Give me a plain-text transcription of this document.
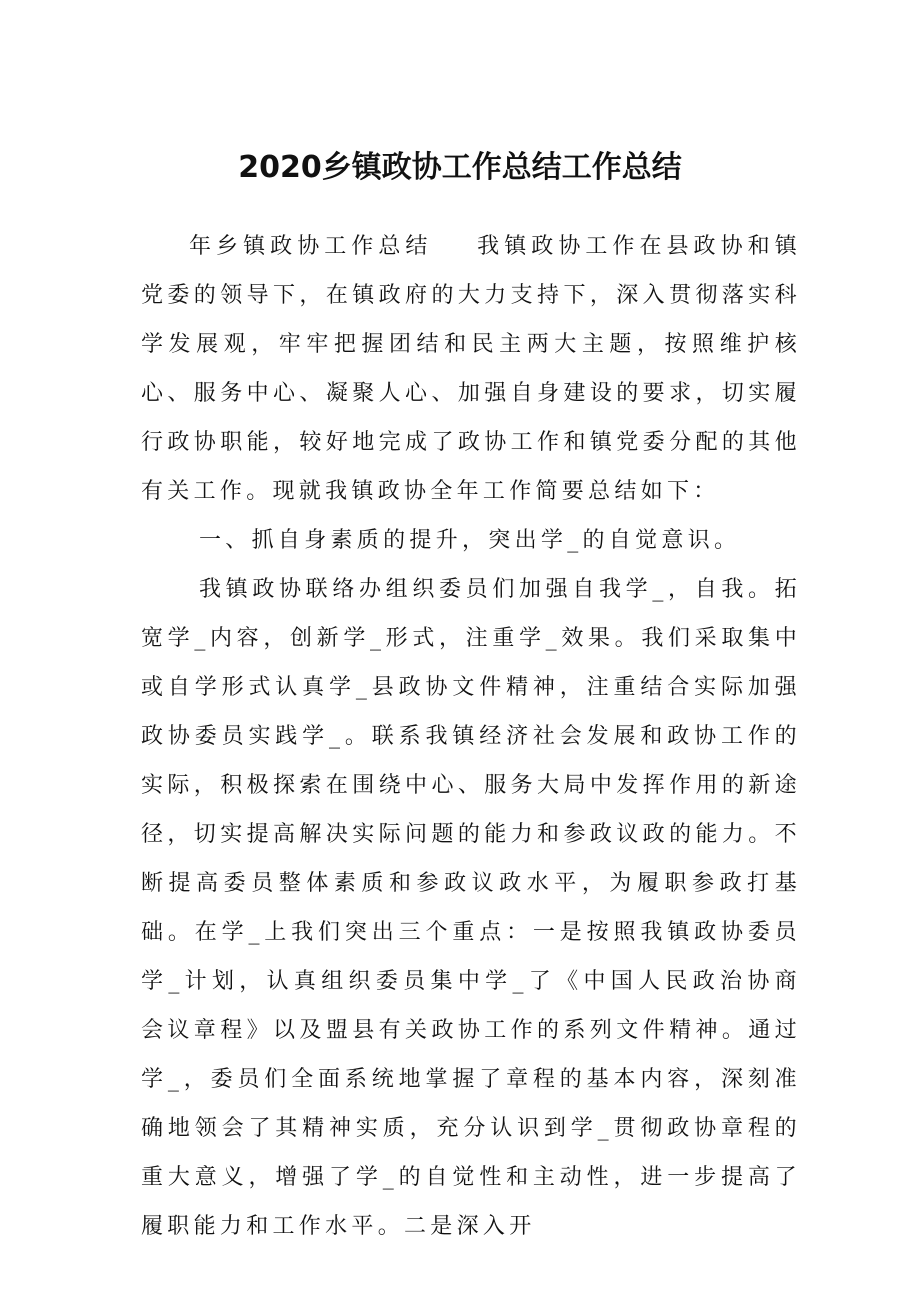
2020乡镇政协工作总结工作总结

年乡镇政协工作总结 我镇政协工作在县政协和镇党委的领导下，在镇政府的大力支持下，深入贯彻落实科学发展观，牢牢把握团结和民主两大主题，按照维护核心、服务中心、凝聚人心、加强自身建设的要求，切实履行政协职能，较好地完成了政协工作和镇党委分配的其他有关工作。现就我镇政协全年工作简要总结如下：

一、抓自身素质的提升，突出学_的自觉意识。

我镇政协联络办组织委员们加强自我学_，自我。拓宽学_内容，创新学_形式，注重学_效果。我们采取集中或自学形式认真学_县政协文件精神，注重结合实际加强政协委员实践学_。联系我镇经济社会发展和政协工作的实际，积极探索在围绕中心、服务大局中发挥作用的新途径，切实提高解决实际问题的能力和参政议政的能力。不断提高委员整体素质和参政议政水平，为履职参政打基础。在学_上我们突出三个重点：一是按照我镇政协委员学_计划，认真组织委员集中学_了《中国人民政治协商会议章程》以及盟县有关政协工作的系列文件精神。通过学_，委员们全面系统地掌握了章程的基本内容，深刻准确地领会了其精神实质，充分认识到学_贯彻政协章程的重大意义，增强了学_的自觉性和主动性，进一步提高了履职能力和工作水平。二是深入开
